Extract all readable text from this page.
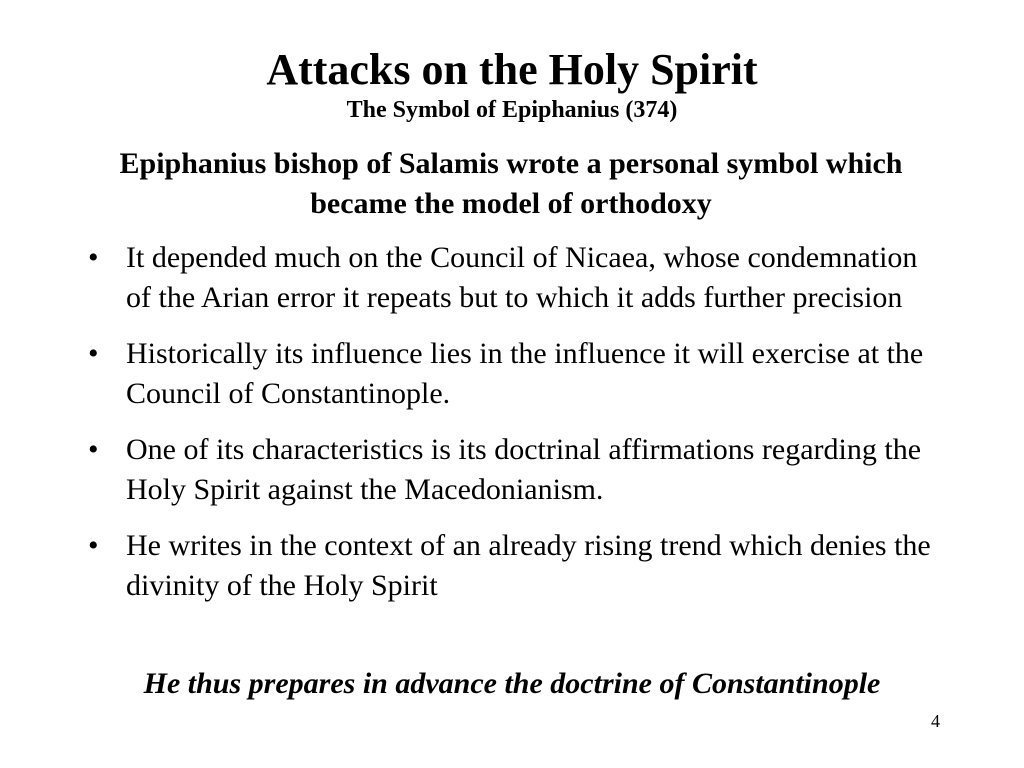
Attacks on the Holy Spirit
The Symbol of Epiphanius (374)
Epiphanius bishop of Salamis wrote a personal symbol which became the model of orthodoxy
• It depended much on the Council of Nicaea, whose condemnation of the Arian error it repeats but to which it adds further precision
• Historically its influence lies in the influence it will exercise at the Council of Constantinople.
• One of its characteristics is its doctrinal affirmations regarding the Holy Spirit against the Macedonianism.
• He writes in the context of an already rising trend which denies the divinity of the Holy Spirit
He thus prepares in advance the doctrine of Constantinople
4
